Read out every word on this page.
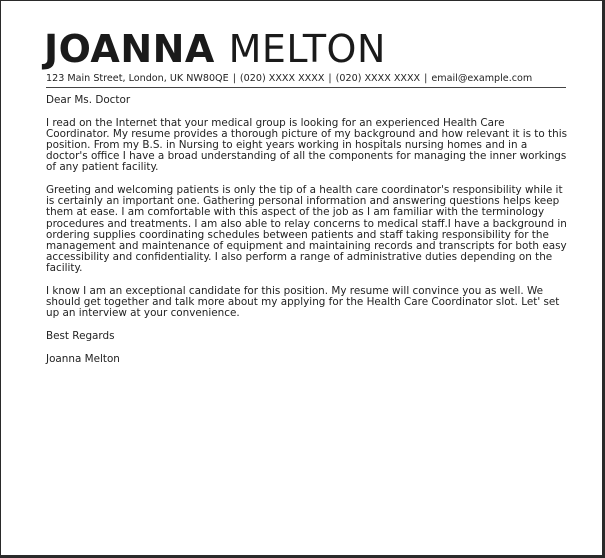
JOANNA MELTON
123 Main Street, London, UK NW80QE | (020) XXXX XXXX | (020) XXXX XXXX | email@example.com

Dear Ms. Doctor

I read on the Internet that your medical group is looking for an experienced Health Care Coordinator. My resume provides a thorough picture of my background and how relevant it is to this position. From my B.S. in Nursing to eight years working in hospitals nursing homes and in a doctor's office I have a broad understanding of all the components for managing the inner workings of any patient facility.

Greeting and welcoming patients is only the tip of a health care coordinator's responsibility while it is certainly an important one. Gathering personal information and answering questions helps keep them at ease. I am comfortable with this aspect of the job as I am familiar with the terminology procedures and treatments. I am also able to relay concerns to medical staff.I have a background in ordering supplies coordinating schedules between patients and staff taking responsibility for the management and maintenance of equipment and maintaining records and transcripts for both easy accessibility and confidentiality. I also perform a range of administrative duties depending on the facility.

I know I am an exceptional candidate for this position. My resume will convince you as well. We should get together and talk more about my applying for the Health Care Coordinator slot. Let' set up an interview at your convenience.

Best Regards

Joanna Melton
